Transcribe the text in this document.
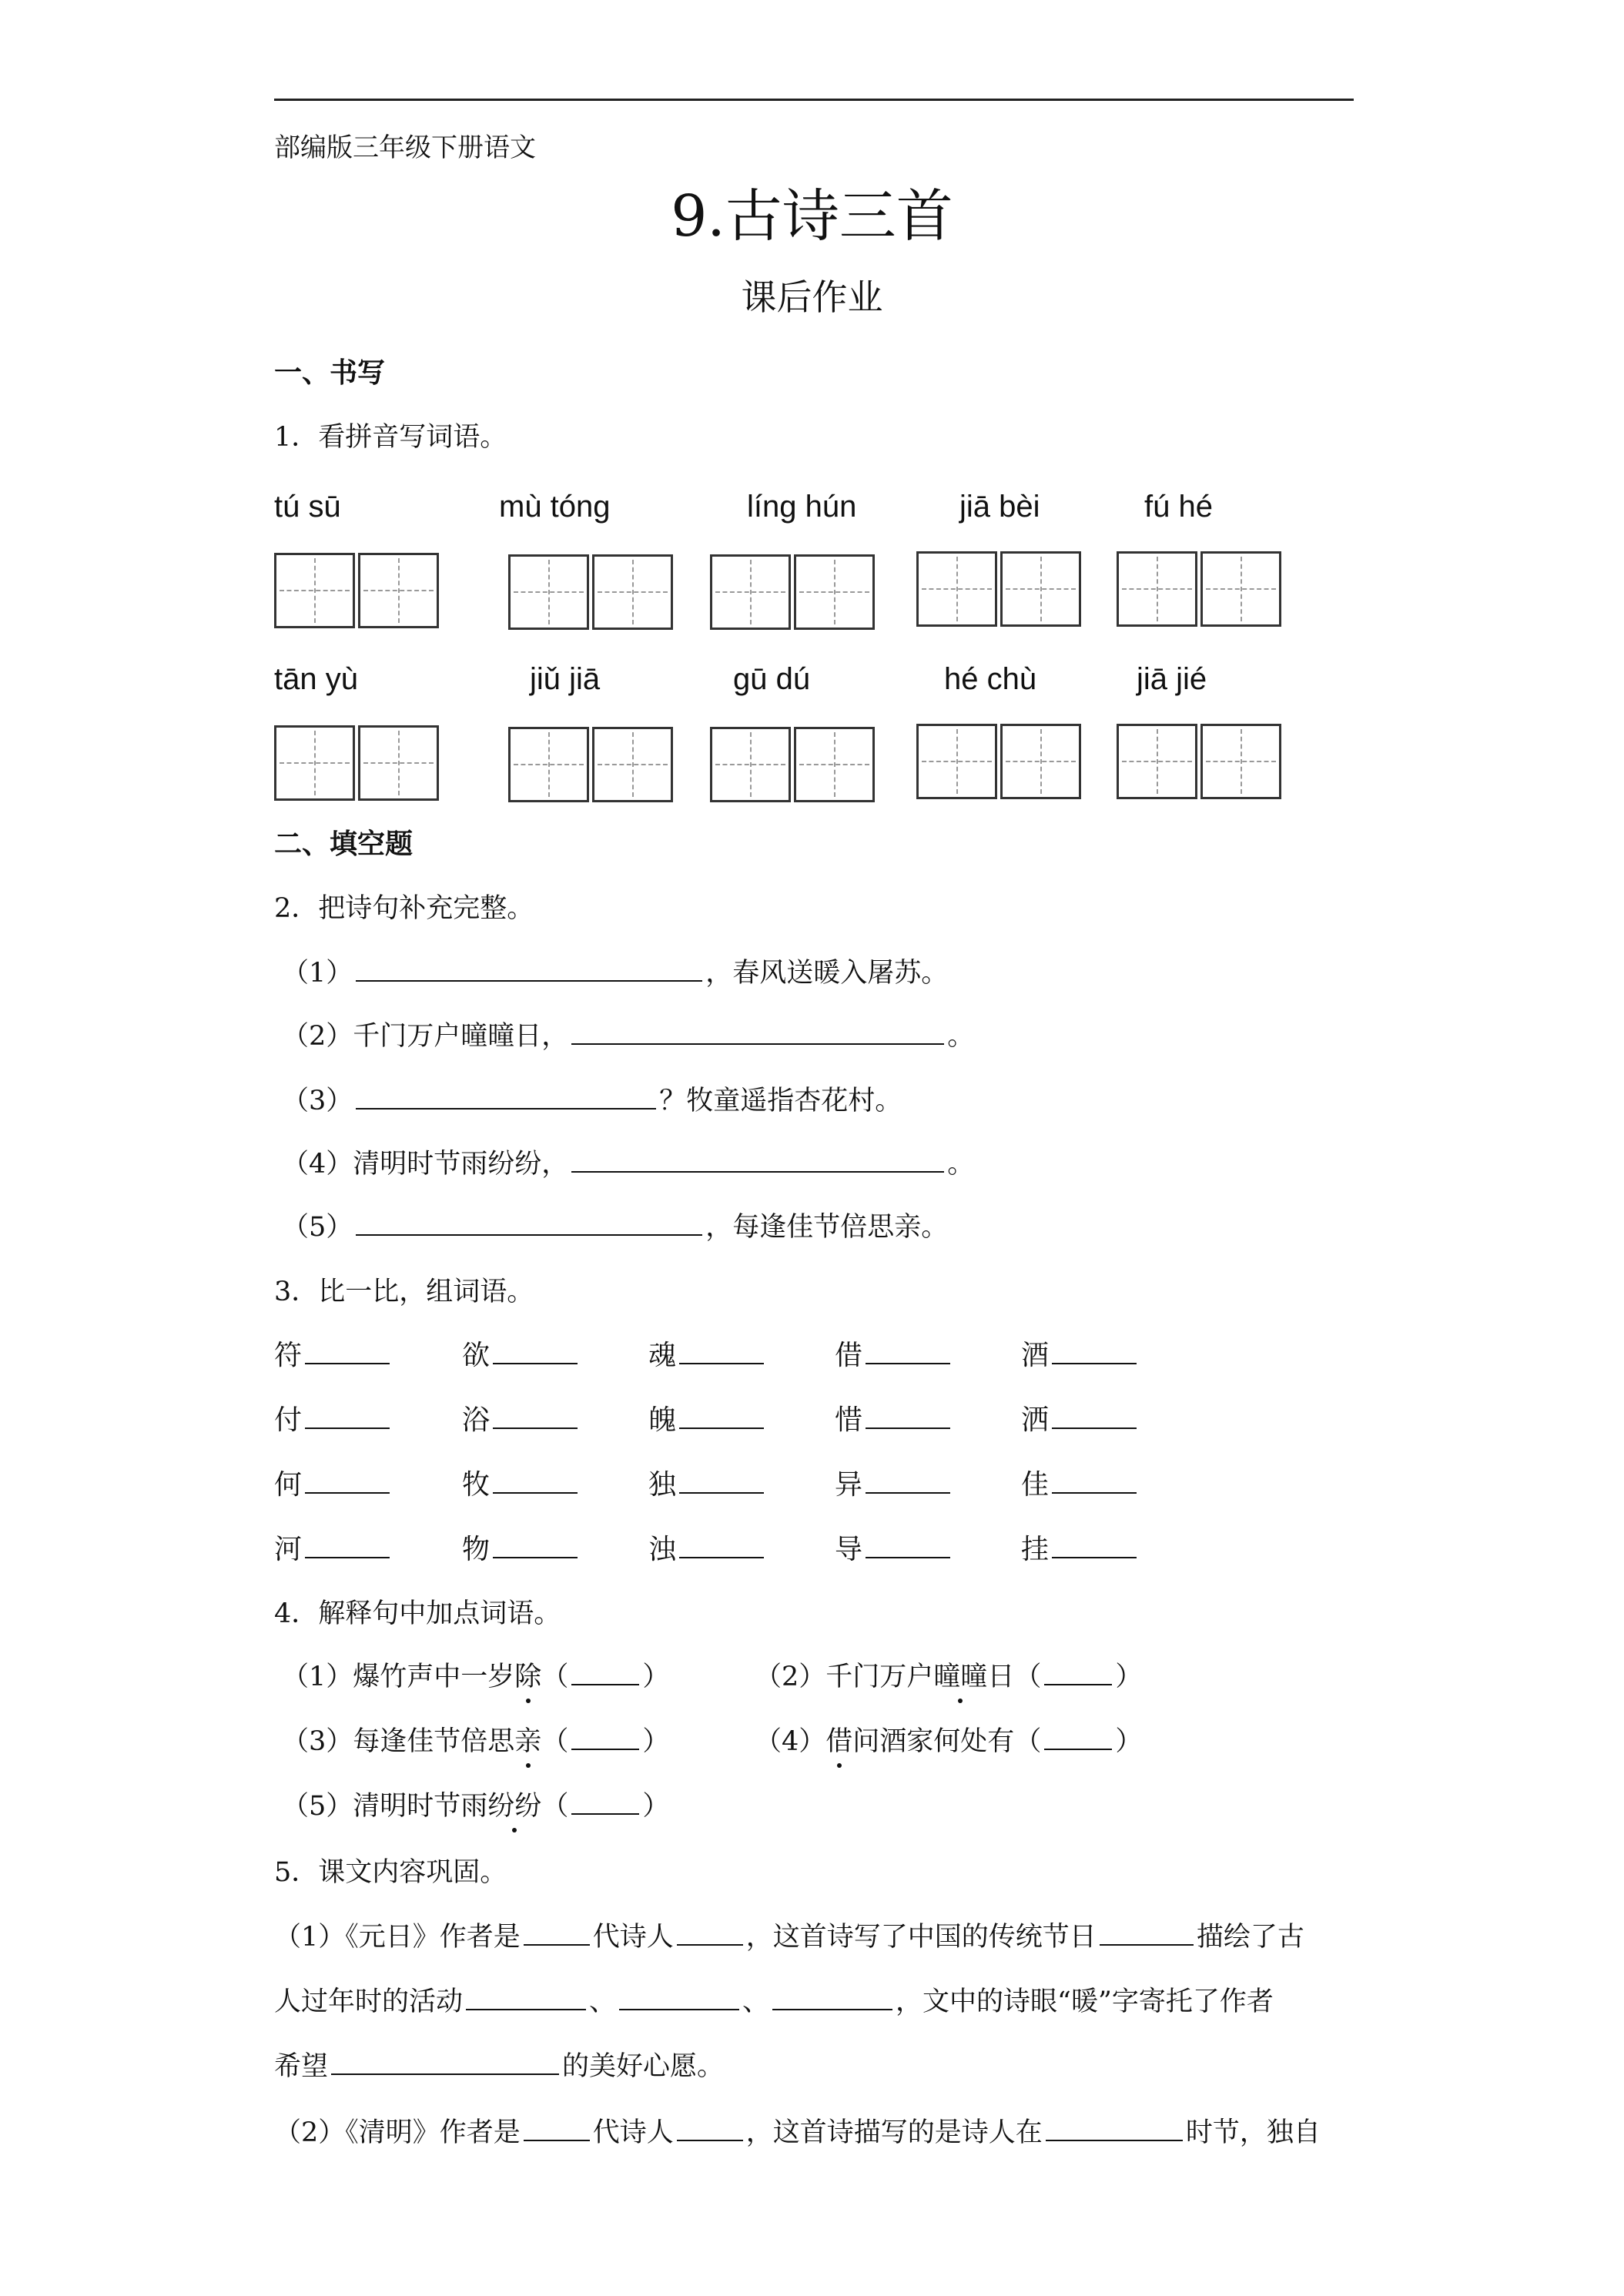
部编版三年级下册语文
9.古诗三首
课后作业
一、书写
1．看拼音写词语。
tú sū	mù tóng	líng hún	jiā bèi	fú hé
tān yù	jiǔ jiā	gū dú	hé chù	jiā jié
二、填空题
2．把诗句补充完整。
（1）	，春风送暖入屠苏。
（2）千门万户曈曈日，	。
（3）	？牧童遥指杏花村。
（4）清明时节雨纷纷，	。
（5）	，每逢佳节倍思亲。
3．比一比，组词语。
符	欲	魂	借	酒
付	浴	魄	惜	洒
何	牧	独	异	佳
河	物	浊	导	挂
4．解释句中加点词语。
（1）爆竹声中一岁除（	）	（2）千门万户曈曈日（	）
（3）每逢佳节倍思亲（	）	（4）借问酒家何处有（	）
（5）清明时节雨纷纷（	）
5．课文内容巩固。
（1）《元日》作者是	代诗人	，这首诗写了中国的传统节日	描绘了古
人过年时的活动	、	、	，文中的诗眼“暖”字寄托了作者
希望	的美好心愿。
（2）《清明》作者是	代诗人	，这首诗描写的是诗人在	时节，独自
